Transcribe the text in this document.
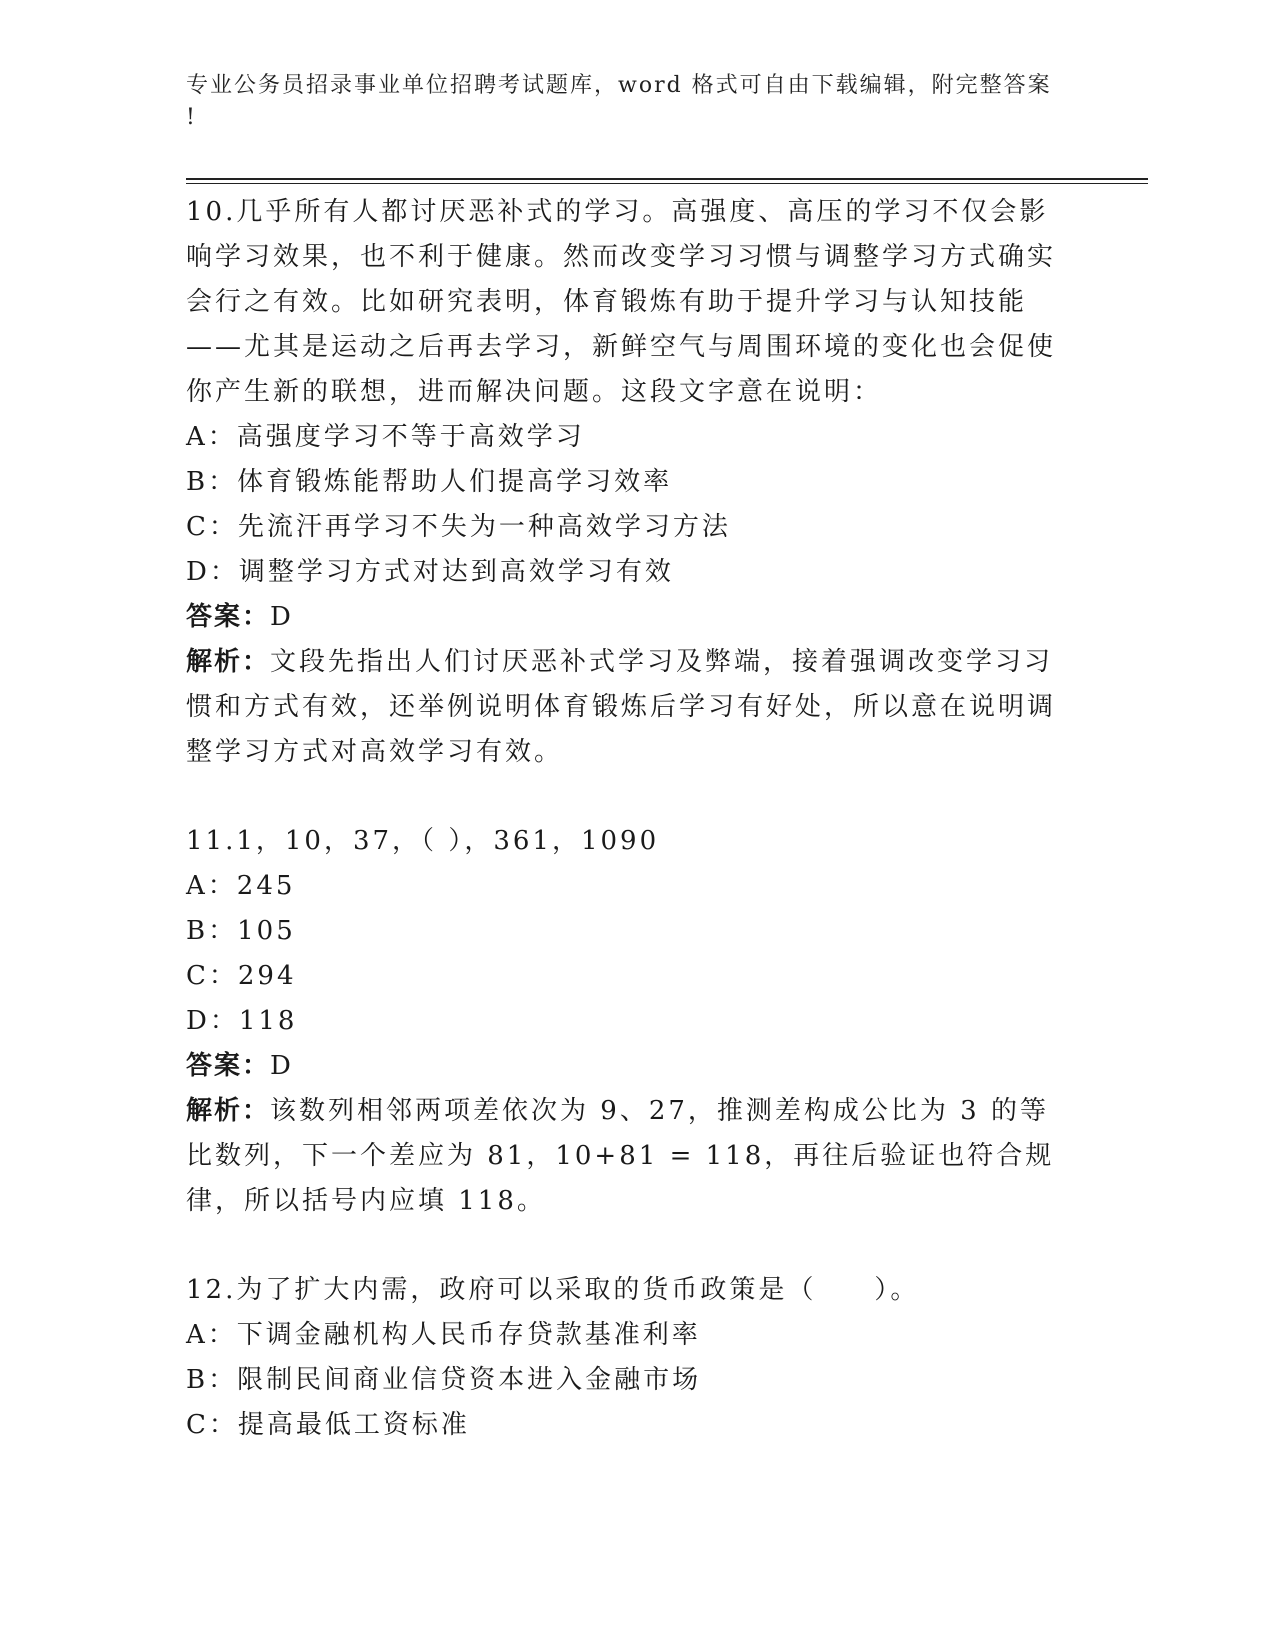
专业公务员招录事业单位招聘考试题库，word 格式可自由下载编辑，附完整答案
!

10.几乎所有人都讨厌恶补式的学习。高强度、高压的学习不仅会影响学习效果，也不利于健康。然而改变学习习惯与调整学习方式确实会行之有效。比如研究表明，体育锻炼有助于提升学习与认知技能——尤其是运动之后再去学习，新鲜空气与周围环境的变化也会促使你产生新的联想，进而解决问题。这段文字意在说明：

A：高强度学习不等于高效学习

B：体育锻炼能帮助人们提高学习效率

C：先流汗再学习不失为一种高效学习方法

D：调整学习方式对达到高效学习有效

答案：D

解析：文段先指出人们讨厌恶补式学习及弊端，接着强调改变学习习惯和方式有效，还举例说明体育锻炼后学习有好处，所以意在说明调整学习方式对高效学习有效。

11.1，10，37，（ ），361，1090

A：245

B：105

C：294

D：118

答案：D

解析：该数列相邻两项差依次为 9、27，推测差构成公比为 3 的等比数列，下一个差应为 81，10+81 = 118，再往后验证也符合规律，所以括号内应填 118。

12.为了扩大内需，政府可以采取的货币政策是（　　）。

A：下调金融机构人民币存贷款基准利率

B：限制民间商业信贷资本进入金融市场

C：提高最低工资标准
